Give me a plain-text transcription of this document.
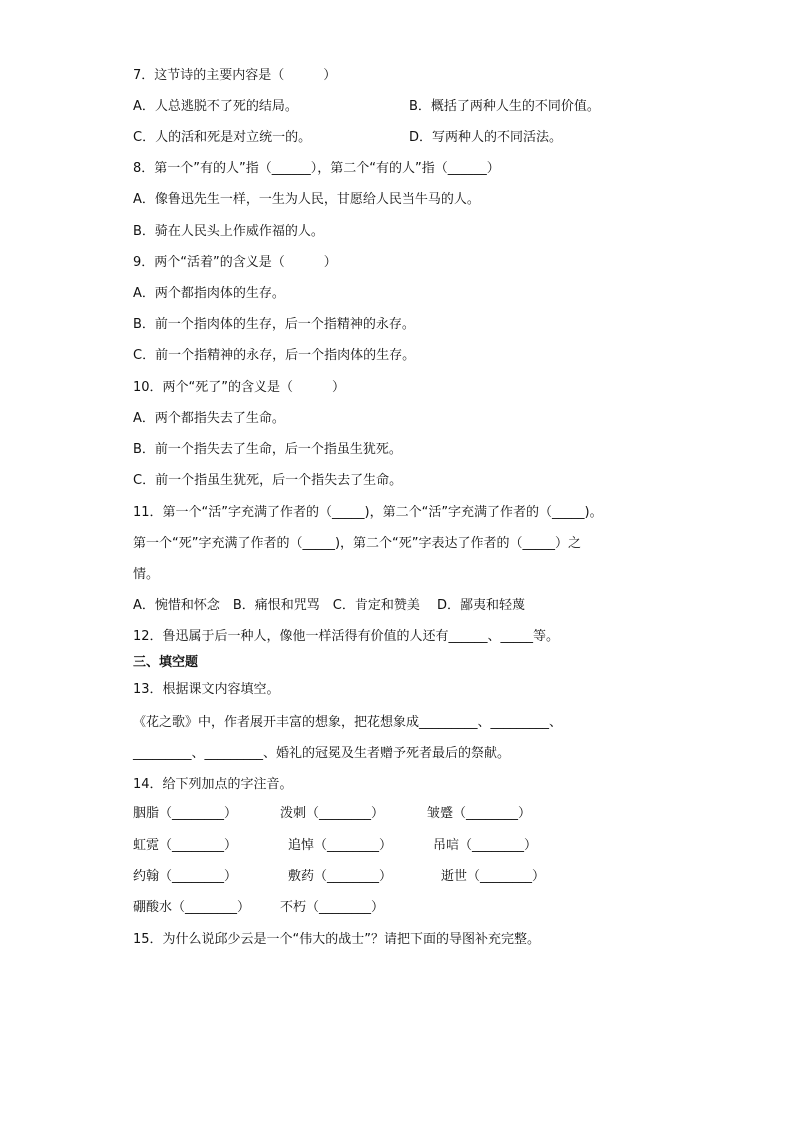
7．这节诗的主要内容是（　　　）
A．人总逃脱不了死的结局。	B．概括了两种人生的不同价值。
C．人的活和死是对立统一的。	D．写两种人的不同活法。
8．第一个”有的人”指（______），第二个“有的人”指（______）
A．像鲁迅先生一样，一生为人民，甘愿给人民当牛马的人。
B．骑在人民头上作威作福的人。
9．两个“活着”的含义是（　　　）
A．两个都指肉体的生存。
B．前一个指肉体的生存，后一个指精神的永存。
C．前一个指精神的永存，后一个指肉体的生存。
10．两个“死了”的含义是（　　　）
A．两个都指失去了生命。
B．前一个指失去了生命，后一个指虽生犹死。
C．前一个指虽生犹死，后一个指失去了生命。
11．第一个“活”字充满了作者的（_____)，第二个“活”字充满了作者的（_____)。
第一个“死”字充满了作者的（_____)，第二个“死”字表达了作者的（_____）之
情。
A．惋惜和怀念　B．痛恨和咒骂　C．肯定和赞美　 D．鄙夷和轻蔑
12．鲁迅属于后一种人，像他一样活得有价值的人还有______、_____等。
三、填空题
13．根据课文内容填空。
《花之歌》中，作者展开丰富的想象，把花想象成_________、_________、
_________、_________、婚礼的冠冕及生者赠予死者最后的祭献。
14．给下列加点的字注音。
胭脂（________）	泼刺（________）	皱蹙（________）
虹霓（________）	追悼（________）	吊唁（________）
约翰（________）	敷药（________）	逝世（________）
硼酸水（________） 不朽（________）
15．为什么说邱少云是一个“伟大的战士”？请把下面的导图补充完整。
